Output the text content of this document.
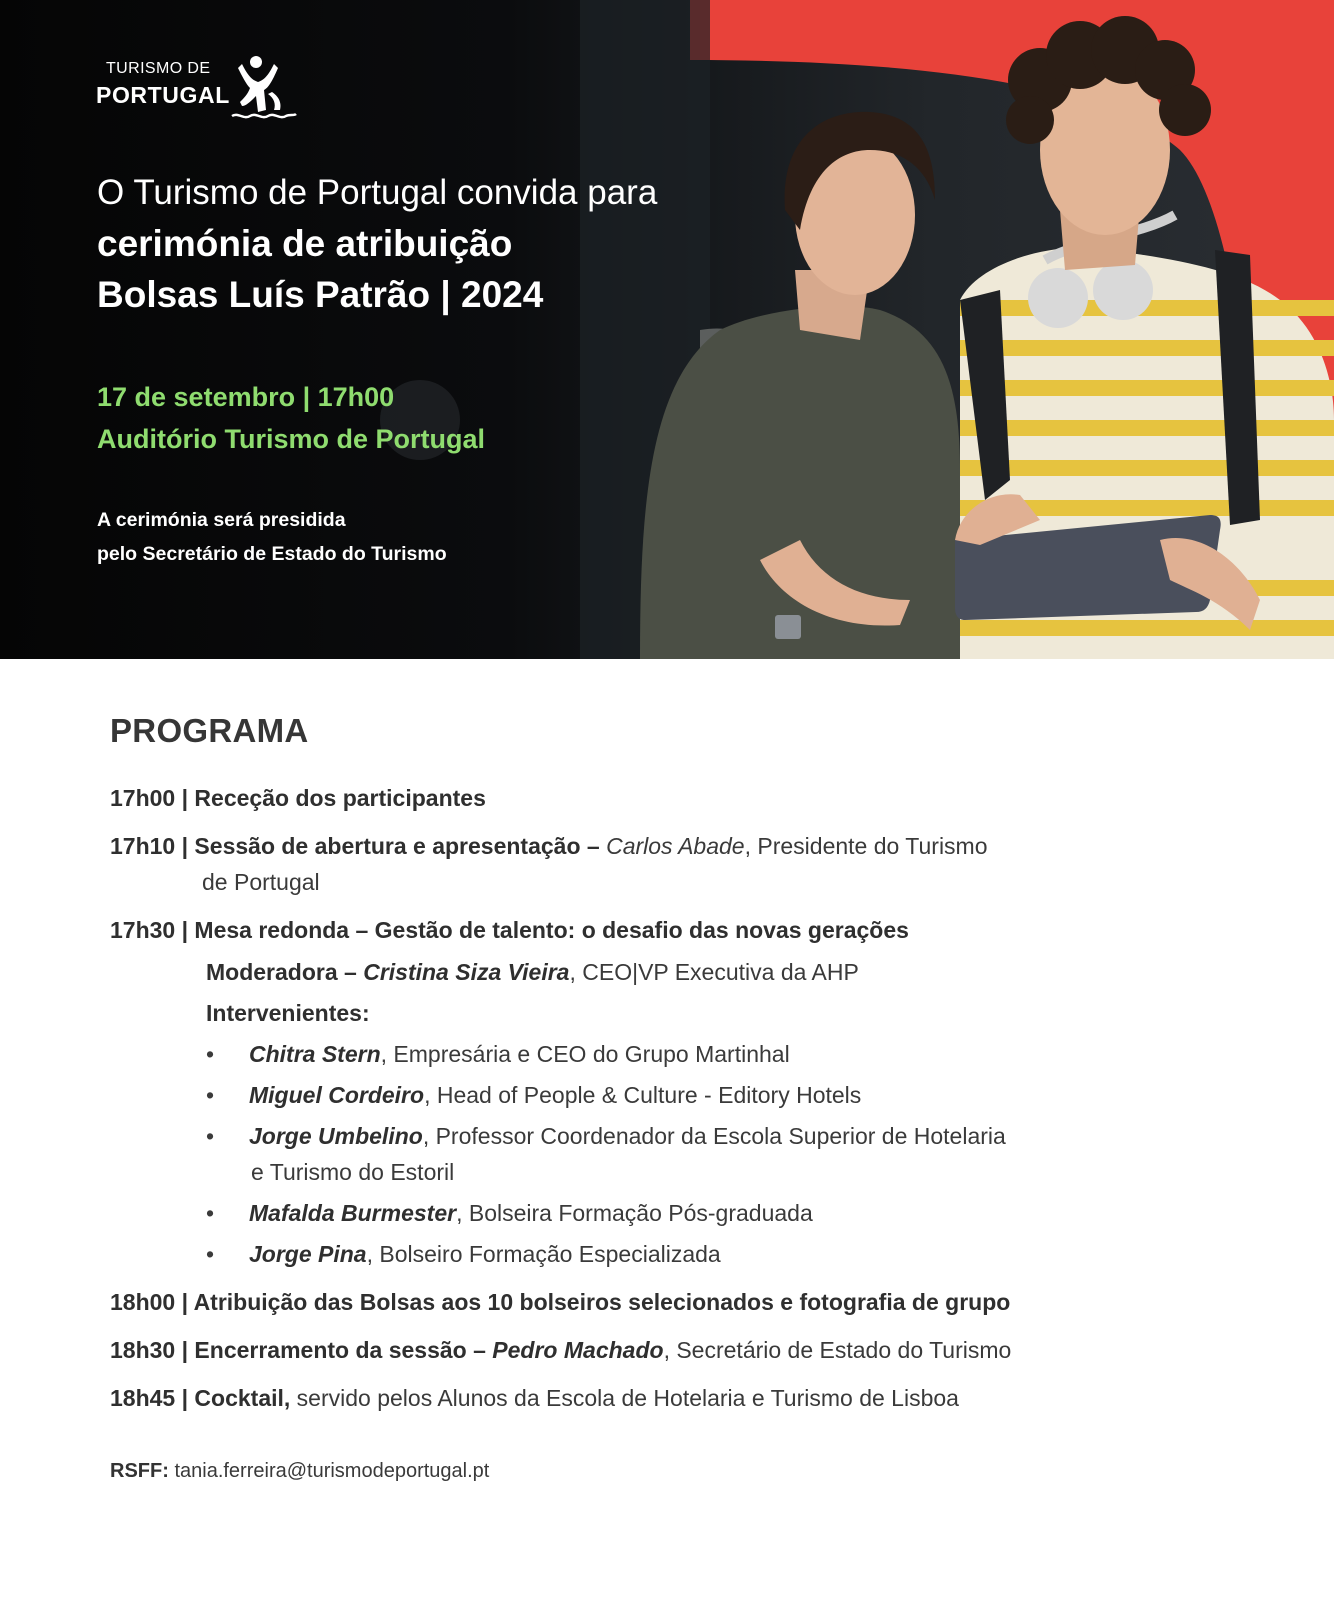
TURISMO DE
PORTUGAL

O Turismo de Portugal convida para

cerimónia de atribuição

Bolsas Luís Patrão | 2024

17 de setembro | 17h00

Auditório Turismo de Portugal

A cerimónia será presidida
pelo Secretário de Estado do Turismo
PROGRAMA
17h00 | Receção dos participantes
17h10 | Sessão de abertura e apresentação – Carlos Abade, Presidente do Turismo
de Portugal
17h30 | Mesa redonda – Gestão de talento: o desafio das novas gerações
Moderadora – Cristina Siza Vieira, CEO|VP Executiva da AHP
Intervenientes:
• Chitra Stern, Empresária e CEO do Grupo Martinhal
• Miguel Cordeiro, Head of People & Culture - Editory Hotels
• Jorge Umbelino, Professor Coordenador da Escola Superior de Hotelaria
e Turismo do Estoril
• Mafalda Burmester, Bolseira Formação Pós-graduada
• Jorge Pina, Bolseiro Formação Especializada
18h00 | Atribuição das Bolsas aos 10 bolseiros selecionados e fotografia de grupo
18h30 | Encerramento da sessão – Pedro Machado, Secretário de Estado do Turismo
18h45 | Cocktail, servido pelos Alunos da Escola de Hotelaria e Turismo de Lisboa
RSFF: tania.ferreira@turismodeportugal.pt
